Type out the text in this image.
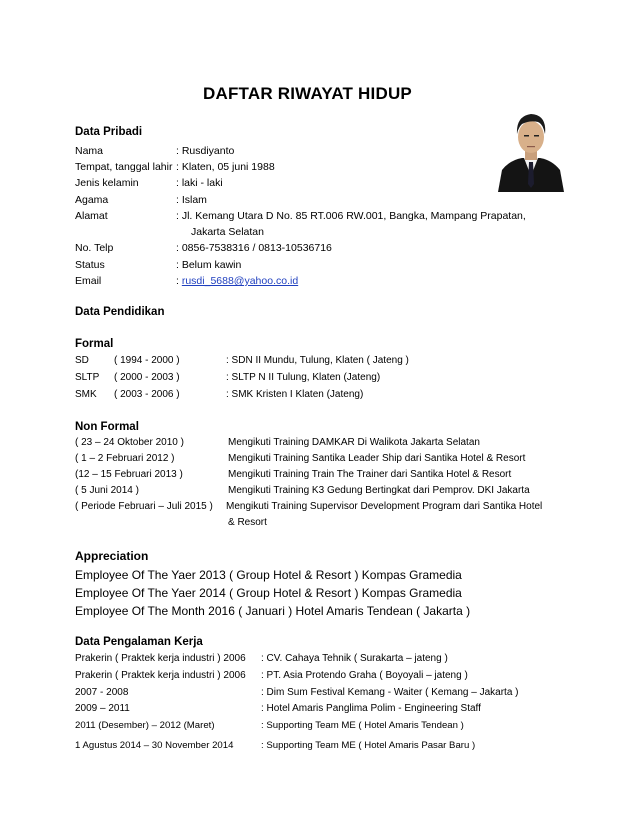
DAFTAR RIWAYAT HIDUP
Data Pribadi
Nama	: Rusdiyanto
Tempat, tanggal lahir : Klaten, 05 juni 1988
Jenis kelamin	: laki - laki
Agama	: Islam
Alamat	: Jl. Kemang Utara D No. 85 RT.006 RW.001, Bangka, Mampang Prapatan,
Jakarta Selatan
No. Telp	: 0856-7538316 / 0813-10536716
Status	: Belum kawin
Email	: rusdi_5688@yahoo.co.id
Data Pendidikan
Formal
SD	( 1994 - 2000 )	: SDN II Mundu, Tulung, Klaten ( Jateng )
SLTP ( 2000 - 2003 )	: SLTP N II Tulung, Klaten (Jateng)
SMK ( 2003 - 2006 )	: SMK Kristen I Klaten (Jateng)
Non Formal
( 23 – 24 Oktober 2010 )	Mengikuti Training DAMKAR Di Walikota Jakarta Selatan
( 1 – 2 Februari 2012 )	Mengikuti Training Santika Leader Ship dari Santika Hotel & Resort
(12 – 15 Februari 2013 )	Mengikuti Training Train The Trainer dari Santika Hotel & Resort
( 5 Juni 2014 )	Mengikuti Training K3 Gedung Bertingkat dari Pemprov. DKI Jakarta
( Periode Februari – Juli 2015 ) Mengikuti Training Supervisor Development Program dari Santika Hotel
& Resort
Appreciation
Employee Of The Yaer 2013 ( Group Hotel & Resort ) Kompas Gramedia
Employee Of The Yaer 2014 ( Group Hotel & Resort ) Kompas Gramedia
Employee Of The Month 2016 ( Januari ) Hotel Amaris Tendean ( Jakarta )
Data Pengalaman Kerja
Prakerin ( Praktek kerja industri ) 2006 : CV. Cahaya Tehnik ( Surakarta – jateng )
Prakerin ( Praktek kerja industri ) 2006 : PT. Asia Protendo Graha ( Boyoyali – jateng )
2007 - 2008	: Dim Sum Festival Kemang - Waiter ( Kemang – Jakarta )
2009 – 2011	: Hotel Amaris Panglima Polim - Engineering Staff
2011 (Desember) – 2012 (Maret)	: Supporting Team ME ( Hotel Amaris Tendean )
1 Agustus 2014 – 30 November 2014	: Supporting Team ME ( Hotel Amaris Pasar Baru )
